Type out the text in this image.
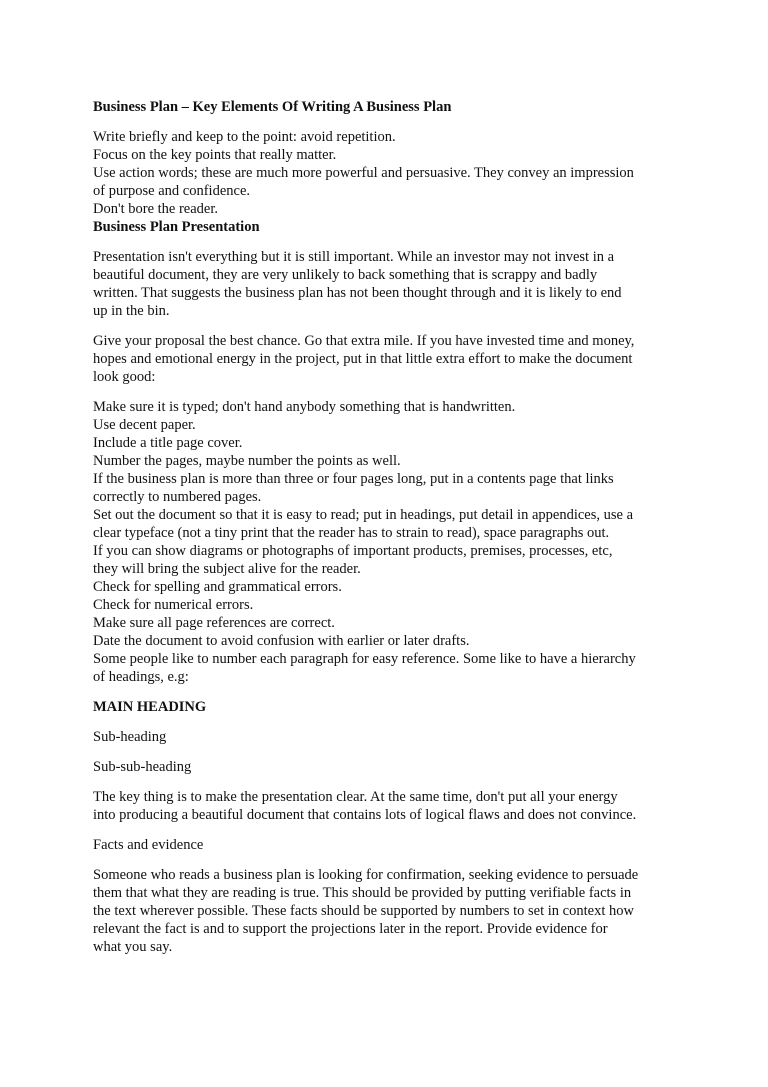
Business Plan – Key Elements Of Writing A Business Plan
Write briefly and keep to the point: avoid repetition.
Focus on the key points that really matter.
Use action words; these are much more powerful and persuasive. They convey an impression
of purpose and confidence.
Don't bore the reader.
Business Plan Presentation
Presentation isn't everything but it is still important. While an investor may not invest in a
beautiful document, they are very unlikely to back something that is scrappy and badly
written. That suggests the business plan has not been thought through and it is likely to end
up in the bin.
Give your proposal the best chance. Go that extra mile. If you have invested time and money,
hopes and emotional energy in the project, put in that little extra effort to make the document
look good:
Make sure it is typed; don't hand anybody something that is handwritten.
Use decent paper.
Include a title page cover.
Number the pages, maybe number the points as well.
If the business plan is more than three or four pages long, put in a contents page that links
correctly to numbered pages.
Set out the document so that it is easy to read; put in headings, put detail in appendices, use a
clear typeface (not a tiny print that the reader has to strain to read), space paragraphs out.
If you can show diagrams or photographs of important products, premises, processes, etc,
they will bring the subject alive for the reader.
Check for spelling and grammatical errors.
Check for numerical errors.
Make sure all page references are correct.
Date the document to avoid confusion with earlier or later drafts.
Some people like to number each paragraph for easy reference. Some like to have a hierarchy
of headings, e.g:
MAIN HEADING
Sub-heading
Sub-sub-heading
The key thing is to make the presentation clear. At the same time, don't put all your energy
into producing a beautiful document that contains lots of logical flaws and does not convince.
Facts and evidence
Someone who reads a business plan is looking for confirmation, seeking evidence to persuade
them that what they are reading is true. This should be provided by putting verifiable facts in
the text wherever possible. These facts should be supported by numbers to set in context how
relevant the fact is and to support the projections later in the report. Provide evidence for
what you say.
